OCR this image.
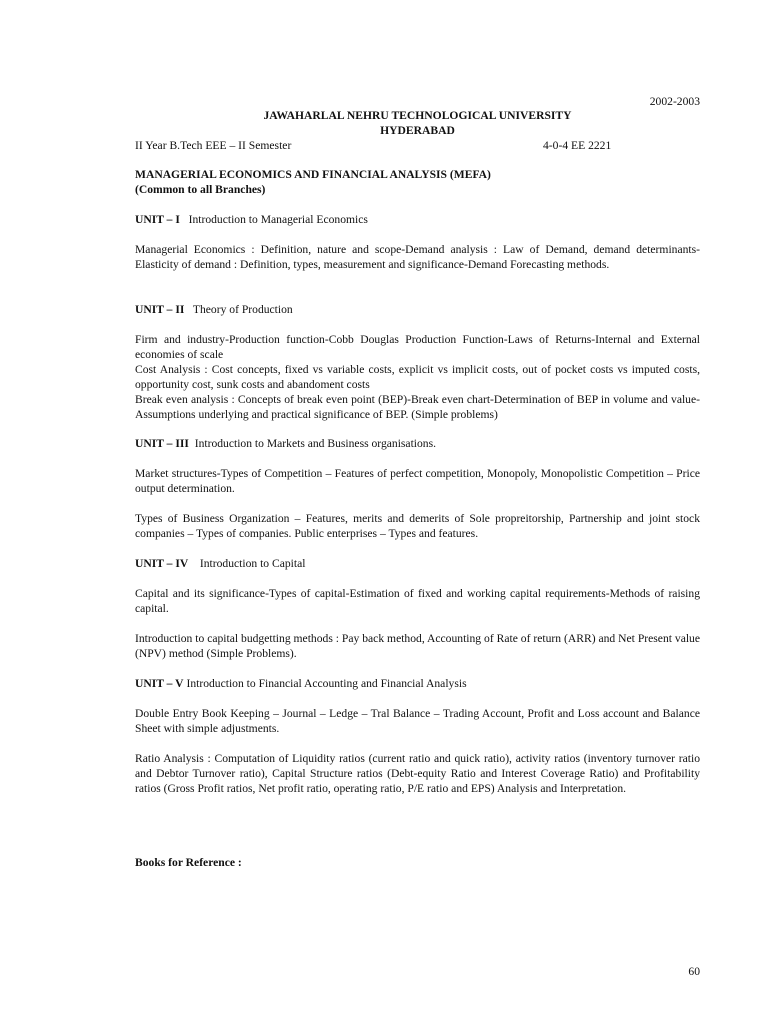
2002-2003
JAWAHARLAL NEHRU TECHNOLOGICAL UNIVERSITY
HYDERABAD
II Year B.Tech EEE – II Semester	4-0-4 EE 2221
MANAGERIAL ECONOMICS AND FINANCIAL ANALYSIS (MEFA)
(Common to all Branches)
UNIT – I Introduction to Managerial Economics
Managerial Economics : Definition, nature and scope-Demand analysis : Law of Demand, demand determinants-Elasticity of demand : Definition, types, measurement and significance-Demand Forecasting methods.
UNIT – II Theory of Production
Firm and industry-Production function-Cobb Douglas Production Function-Laws of Returns-Internal and External economies of scale
Cost Analysis : Cost concepts, fixed vs variable costs, explicit vs implicit costs, out of pocket costs vs imputed costs, opportunity cost, sunk costs and abandoment costs
Break even analysis : Concepts of break even point (BEP)-Break even chart-Determination of BEP in volume and value-Assumptions underlying and practical significance of BEP. (Simple problems)
UNIT – III Introduction to Markets and Business organisations.
Market structures-Types of Competition – Features of perfect competition, Monopoly, Monopolistic Competition – Price output determination.
Types of Business Organization – Features, merits and demerits of Sole propreitorship, Partnership and joint stock companies – Types of companies. Public enterprises – Types and features.
UNIT – IV Introduction to Capital
Capital and its significance-Types of capital-Estimation of fixed and working capital requirements-Methods of raising capital.
Introduction to capital budgetting methods : Pay back method, Accounting of Rate of return (ARR) and Net Present value (NPV) method (Simple Problems).
UNIT – V Introduction to Financial Accounting and Financial Analysis
Double Entry Book Keeping – Journal – Ledge – Tral Balance – Trading Account, Profit and Loss account and Balance Sheet with simple adjustments.
Ratio Analysis : Computation of Liquidity ratios (current ratio and quick ratio), activity ratios (inventory turnover ratio and Debtor Turnover ratio), Capital Structure ratios (Debt-equity Ratio and Interest Coverage Ratio) and Profitability ratios (Gross Profit ratios, Net profit ratio, operating ratio, P/E ratio and EPS) Analysis and Interpretation.
Books for Reference :
60
